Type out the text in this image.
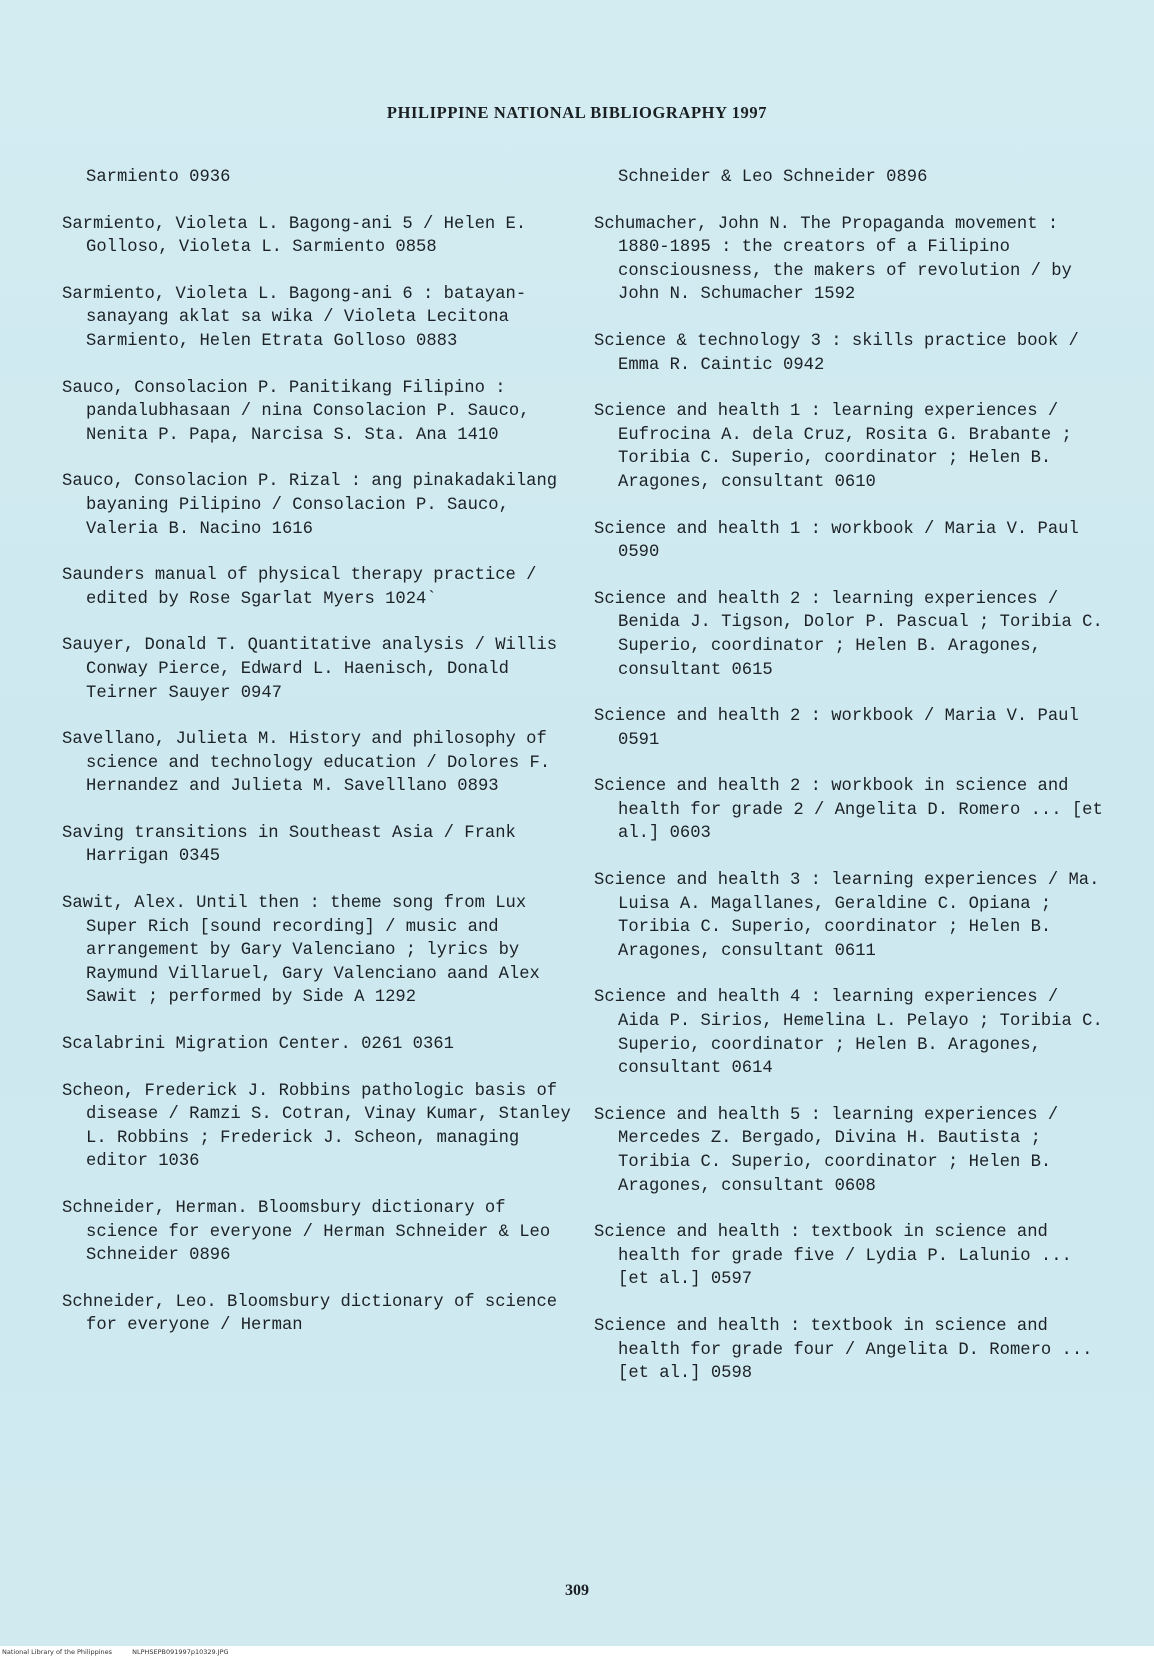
PHILIPPINE NATIONAL BIBLIOGRAPHY 1997

Sarmiento 0936

Sarmiento, Violeta L. Bagong-ani 5 / Helen E. Golloso, Violeta L. Sarmiento 0858

Sarmiento, Violeta L. Bagong-ani 6 : batayan-sanayang aklat sa wika / Violeta Lecitona Sarmiento, Helen Etrata Golloso 0883

Sauco, Consolacion P. Panitikang Filipino : pandalubhasaan / nina Consolacion P. Sauco, Nenita P. Papa, Narcisa S. Sta. Ana 1410

Sauco, Consolacion P. Rizal : ang pinakadakilang bayaning Pilipino / Consolacion P. Sauco, Valeria B. Nacino 1616

Saunders manual of physical therapy practice / edited by Rose Sgarlat Myers 1024`

Sauyer, Donald T. Quantitative analysis / Willis Conway Pierce, Edward L. Haenisch, Donald Teirner Sauyer 0947

Savellano, Julieta M. History and philosophy of science and technology education / Dolores F. Hernandez and Julieta M. Savelllano 0893

Saving transitions in Southeast Asia / Frank Harrigan 0345

Sawit, Alex. Until then : theme song from Lux Super Rich [sound recording] / music and arrangement by Gary Valenciano ; lyrics by Raymund Villaruel, Gary Valenciano aand Alex Sawit ; performed by Side A 1292

Scalabrini Migration Center. 0261 0361

Scheon, Frederick J. Robbins pathologic basis of disease / Ramzi S. Cotran, Vinay Kumar, Stanley L. Robbins ; Frederick J. Scheon, managing editor 1036

Schneider, Herman. Bloomsbury dictionary of science for everyone / Herman Schneider & Leo Schneider 0896

Schneider, Leo. Bloomsbury dictionary of science for everyone / Herman

Schneider & Leo Schneider 0896

Schumacher, John N. The Propaganda movement : 1880-1895 : the creators of a Filipino consciousness, the makers of revolution / by John N. Schumacher 1592

Science & technology 3 : skills practice book / Emma R. Caintic 0942

Science and health 1 : learning experiences / Eufrocina A. dela Cruz, Rosita G. Brabante ; Toribia C. Superio, coordinator ; Helen B. Aragones, consultant 0610

Science and health 1 : workbook / Maria V. Paul 0590

Science and health 2 : learning experiences / Benida J. Tigson, Dolor P. Pascual ; Toribia C. Superio, coordinator ; Helen B. Aragones, consultant 0615

Science and health 2 : workbook / Maria V. Paul 0591

Science and health 2 : workbook in science and health for grade 2 / Angelita D. Romero ... [et al.] 0603

Science and health 3 : learning experiences / Ma. Luisa A. Magallanes, Geraldine C. Opiana ; Toribia C. Superio, coordinator ; Helen B. Aragones, consultant 0611

Science and health 4 : learning experiences / Aida P. Sirios, Hemelina L. Pelayo ; Toribia C. Superio, coordinator ; Helen B. Aragones, consultant 0614

Science and health 5 : learning experiences / Mercedes Z. Bergado, Divina H. Bautista ; Toribia C. Superio, coordinator ; Helen B. Aragones, consultant 0608

Science and health : textbook in science and health for grade five / Lydia P. Lalunio ... [et al.] 0597

Science and health : textbook in science and health for grade four / Angelita D. Romero ... [et al.] 0598

309
National Library of the Philippines	NLPHSEPB091997p10329.JPG
